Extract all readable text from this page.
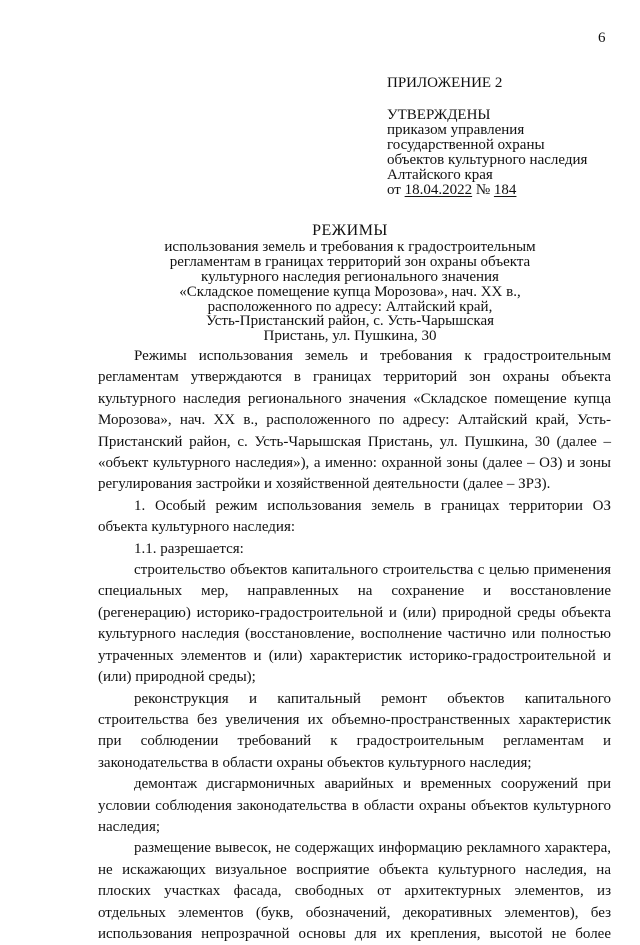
6
ПРИЛОЖЕНИЕ 2
УТВЕРЖДЕНЫ
приказом управления
государственной охраны
объектов культурного наследия
Алтайского края
от 18.04.2022 № 184
РЕЖИМЫ
использования земель и требования к градостроительным
регламентам в границах территорий зон охраны объекта
культурного наследия регионального значения
«Складское помещение купца Морозова», нач. XX в.,
расположенного по адресу: Алтайский край,
Усть-Пристанский район, с. Усть-Чарышская
Пристань, ул. Пушкина, 30

Режимы использования земель и требования к градостроительным регламентам утверждаются в границах территорий зон охраны объекта культурного наследия регионального значения «Складское помещение купца Морозова», нач. XX в., расположенного по адресу: Алтайский край, Усть-Пристанский район, с. Усть-Чарышская Пристань, ул. Пушкина, 30 (далее – «объект культурного наследия»), а именно: охранной зоны (далее – ОЗ) и зоны регулирования застройки и хозяйственной деятельности (далее – ЗРЗ).

1. Особый режим использования земель в границах территории ОЗ объекта культурного наследия:

1.1. разрешается:

строительство объектов капитального строительства с целью применения специальных мер, направленных на сохранение и восстановление (регенерацию) историко-градостроительной и (или) природной среды объекта культурного наследия (восстановление, восполнение частично или полностью утраченных элементов и (или) характеристик историко-градостроительной и (или) природной среды);

реконструкция и капитальный ремонт объектов капитального строительства без увеличения их объемно-пространственных характеристик при соблюдении требований к градостроительным регламентам и законодательства в области охраны объектов культурного наследия;

демонтаж дисгармоничных аварийных и временных сооружений при условии соблюдения законодательства в области охраны объектов культурного наследия;

размещение вывесок, не содержащих информацию рекламного характера, не искажающих визуальное восприятие объекта культурного наследия, на плоских участках фасада, свободных от архитектурных элементов, из отдельных элементов (букв, обозначений, декоративных элементов), без использования непрозрачной основы для их крепления, высотой не более
